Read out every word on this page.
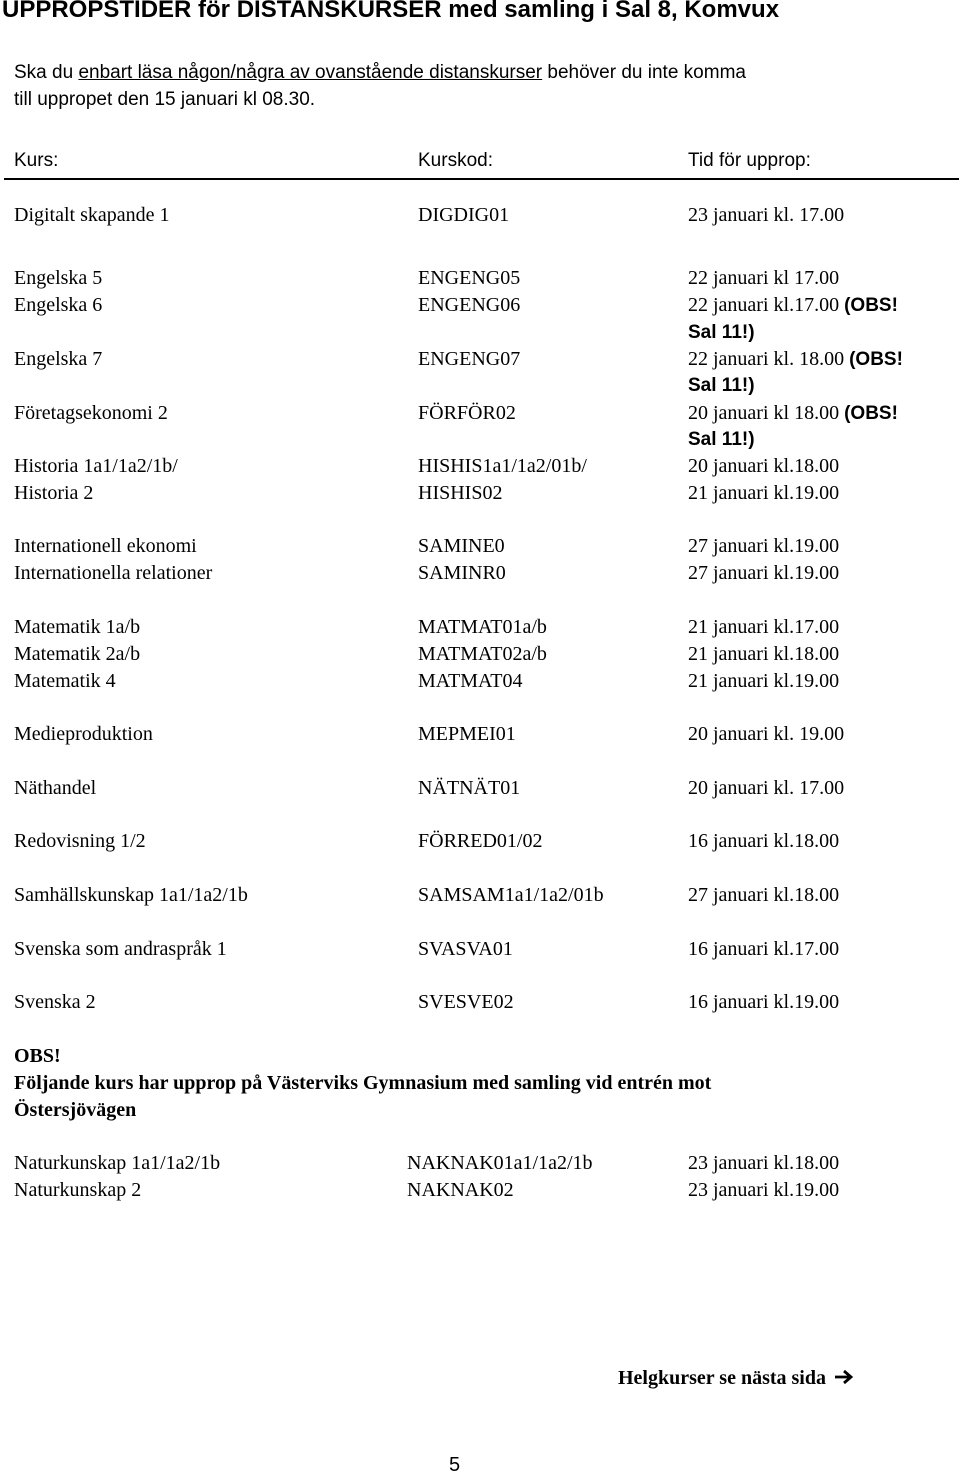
UPPROPSTIDER för DISTANSKURSER med samling i Sal 8, Komvux
Ska du enbart läsa någon/några av ovanstående distanskurser behöver du inte komma
till uppropet den 15 januari kl 08.30.
Kurs:	Kurskod:	Tid för upprop:
Digitalt skapande 1	DIGDIG01	23 januari kl. 17.00
Engelska 5	ENGENG05	22 januari kl 17.00
Engelska 6	ENGENG06	22 januari kl.17.00 (OBS!
Sal 11!)
Engelska 7	ENGENG07	22 januari kl. 18.00 (OBS!
Sal 11!)
Företagsekonomi 2	FÖRFÖR02	20 januari kl 18.00 (OBS!
Sal 11!)
Historia 1a1/1a2/1b/	HISHIS1a1/1a2/01b/	20 januari kl.18.00
Historia 2	HISHIS02	21 januari kl.19.00
Internationell ekonomi	SAMINE0	27 januari kl.19.00
Internationella relationer	SAMINR0	27 januari kl.19.00
Matematik 1a/b	MATMAT01a/b	21 januari kl.17.00
Matematik 2a/b	MATMAT02a/b	21 januari kl.18.00
Matematik 4	MATMAT04	21 januari kl.19.00
Medieproduktion	MEPMEI01	20 januari kl. 19.00
Näthandel	NÄTNÄT01	20 januari kl. 17.00
Redovisning 1/2	FÖRRED01/02	16 januari kl.18.00
Samhällskunskap 1a1/1a2/1b	SAMSAM1a1/1a2/01b	27 januari kl.18.00
Svenska som andraspråk 1	SVASVA01	16 januari kl.17.00
Svenska 2	SVESVE02	16 januari kl.19.00
OBS!
Följande kurs har upprop på Västerviks Gymnasium med samling vid entrén mot
Östersjövägen
Naturkunskap 1a1/1a2/1b	NAKNAK01a1/1a2/1b	23 januari kl.18.00
Naturkunskap 2	NAKNAK02	23 januari kl.19.00
Helgkurser se nästa sida
5
